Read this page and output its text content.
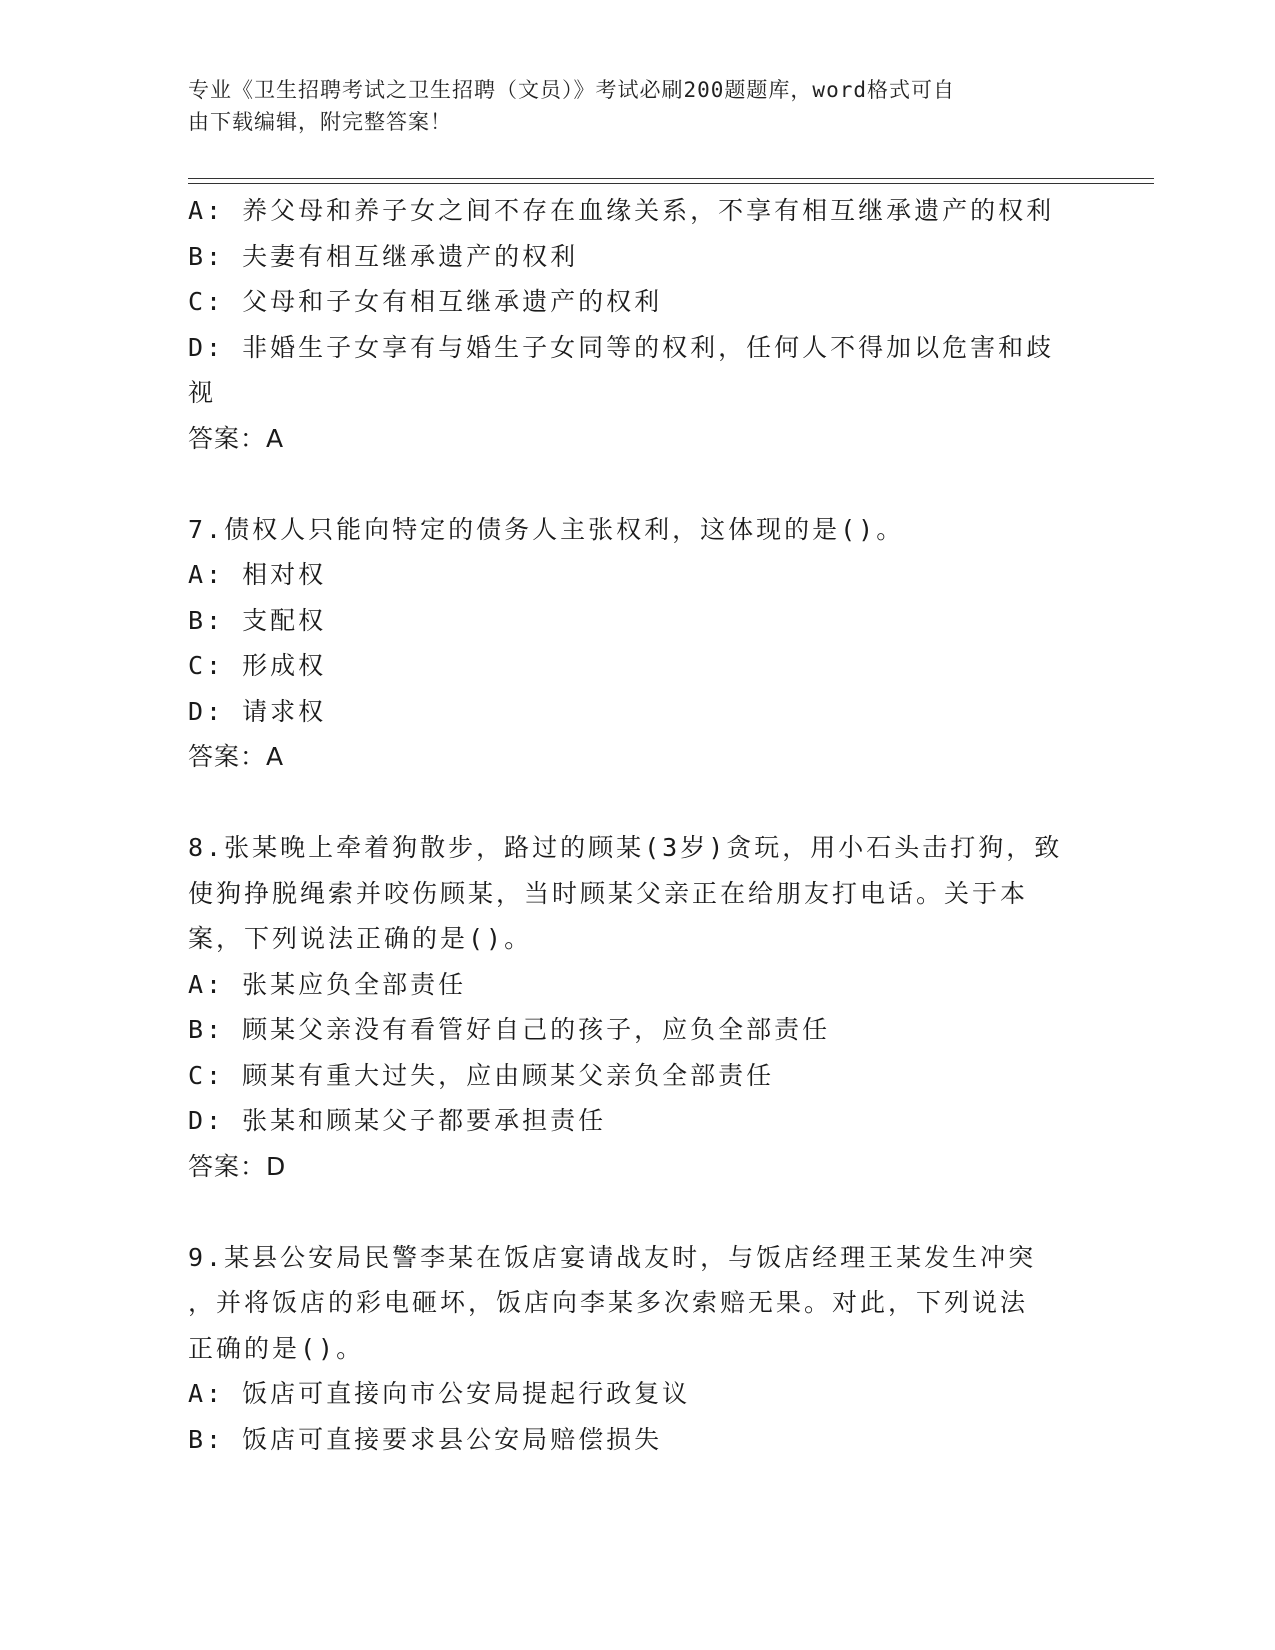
专业《卫生招聘考试之卫生招聘（文员）》考试必刷200题题库，word格式可自
由下载编辑，附完整答案！
A: 养父母和养子女之间不存在血缘关系，不享有相互继承遗产的权利
B: 夫妻有相互继承遗产的权利
C: 父母和子女有相互继承遗产的权利
D: 非婚生子女享有与婚生子女同等的权利，任何人不得加以危害和歧
视
答案：A
7.债权人只能向特定的债务人主张权利，这体现的是()。
A: 相对权
B: 支配权
C: 形成权
D: 请求权
答案：A
8.张某晚上牵着狗散步，路过的顾某(3岁)贪玩，用小石头击打狗，致
使狗挣脱绳索并咬伤顾某，当时顾某父亲正在给朋友打电话。关于本
案，下列说法正确的是()。
A: 张某应负全部责任
B: 顾某父亲没有看管好自己的孩子，应负全部责任
C: 顾某有重大过失，应由顾某父亲负全部责任
D: 张某和顾某父子都要承担责任
答案：D
9.某县公安局民警李某在饭店宴请战友时，与饭店经理王某发生冲突
，并将饭店的彩电砸坏，饭店向李某多次索赔无果。对此，下列说法
正确的是()。
A: 饭店可直接向市公安局提起行政复议
B: 饭店可直接要求县公安局赔偿损失
